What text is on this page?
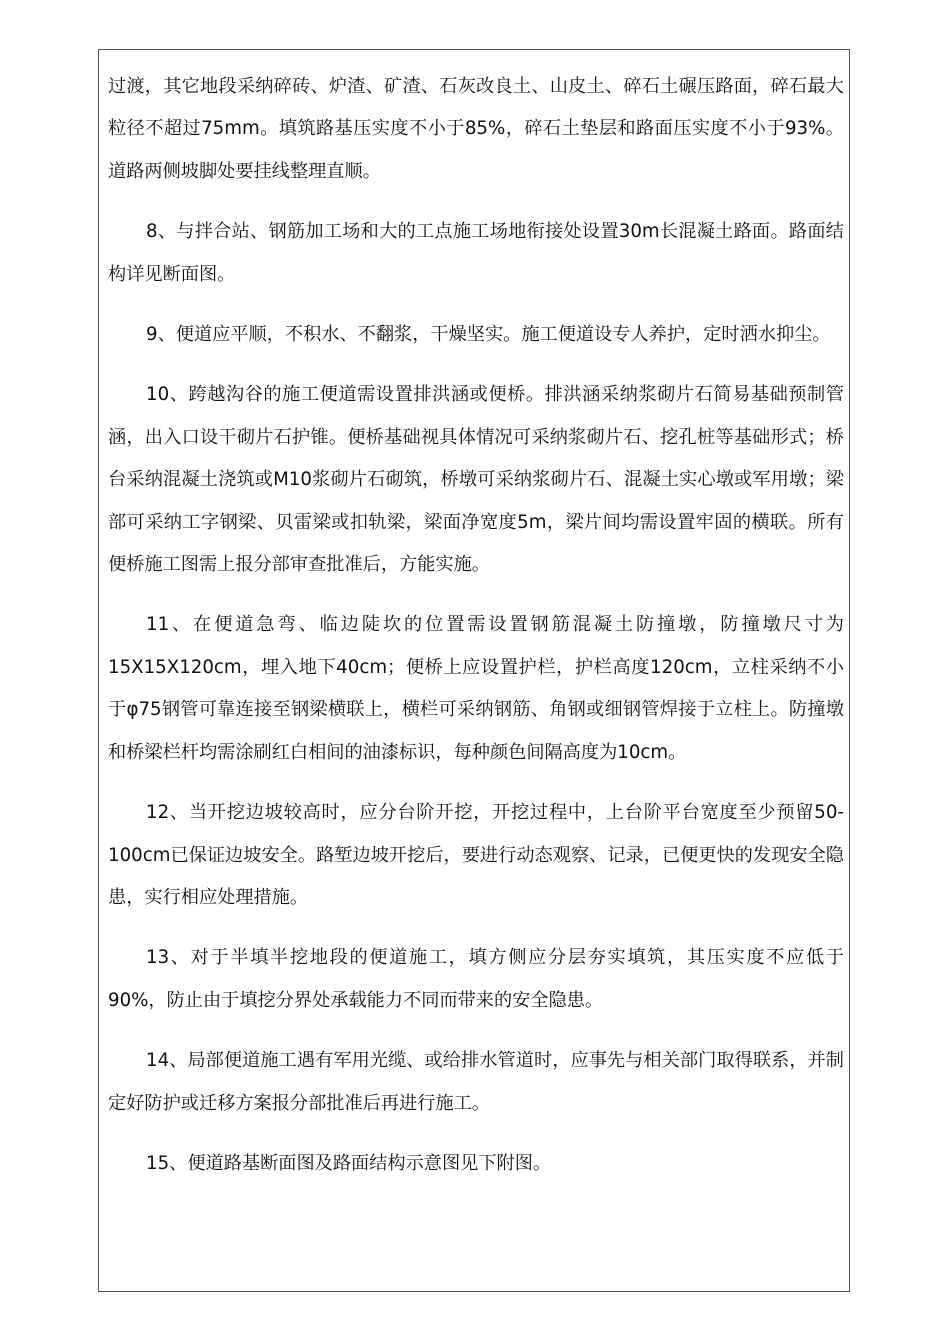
过渡，其它地段采纳碎砖、炉渣、矿渣、石灰改良土、山皮土、碎石土碾压路面，碎石最大粒径不超过75mm。填筑路基压实度不小于85%，碎石土垫层和路面压实度不小于93%。道路两侧坡脚处要挂线整理直顺。

8、与拌合站、钢筋加工场和大的工点施工场地衔接处设置30m长混凝土路面。路面结构详见断面图。

9、便道应平顺，不积水、不翻浆，干燥坚实。施工便道设专人养护，定时洒水抑尘。

10、跨越沟谷的施工便道需设置排洪涵或便桥。排洪涵采纳浆砌片石简易基础预制管涵，出入口设干砌片石护锥。便桥基础视具体情况可采纳浆砌片石、挖孔桩等基础形式；桥台采纳混凝土浇筑或M10浆砌片石砌筑，桥墩可采纳浆砌片石、混凝土实心墩或军用墩；梁部可采纳工字钢梁、贝雷梁或扣轨梁，梁面净宽度5m，梁片间均需设置牢固的横联。所有便桥施工图需上报分部审查批准后，方能实施。

11、在便道急弯、临边陡坎的位置需设置钢筋混凝土防撞墩，防撞墩尺寸为15X15X120cm，埋入地下40cm；便桥上应设置护栏，护栏高度120cm，立柱采纳不小于φ75钢管可靠连接至钢梁横联上，横栏可采纳钢筋、角钢或细钢管焊接于立柱上。防撞墩和桥梁栏杆均需涂刷红白相间的油漆标识，每种颜色间隔高度为10cm。

12、当开挖边坡较高时，应分台阶开挖，开挖过程中，上台阶平台宽度至少预留50-100cm已保证边坡安全。路堑边坡开挖后，要进行动态观察、记录，已便更快的发现安全隐患，实行相应处理措施。

13、对于半填半挖地段的便道施工，填方侧应分层夯实填筑，其压实度不应低于90%，防止由于填挖分界处承载能力不同而带来的安全隐患。

14、局部便道施工遇有军用光缆、或给排水管道时，应事先与相关部门取得联系，并制定好防护或迁移方案报分部批准后再进行施工。

15、便道路基断面图及路面结构示意图见下附图。
